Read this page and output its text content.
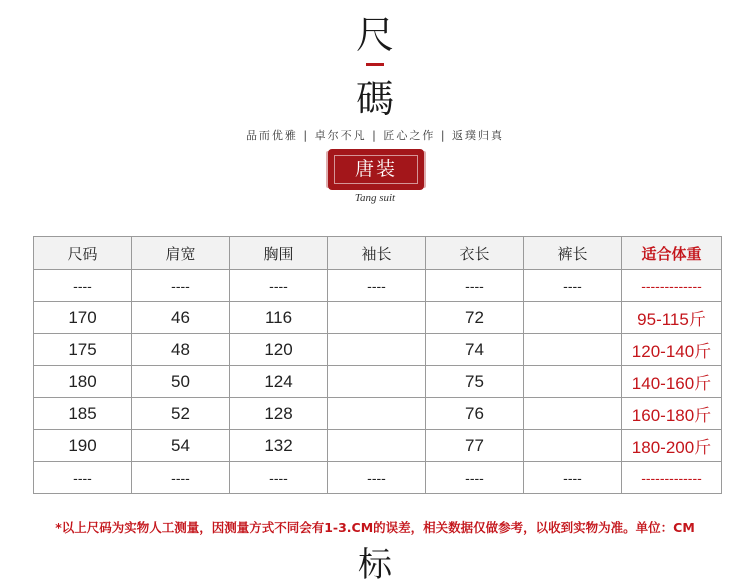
尺
碼
品而优雅 | 卓尔不凡 | 匠心之作 | 返璞归真
唐装
Tang suit
尺码	肩宽	胸围	袖长	衣长	裤长	适合体重
----	----	----	----	----	----	-------------
170	46	116		72		95-115斤
175	48	120		74		120-140斤
180	50	124		75		140-160斤
185	52	128		76		160-180斤
190	54	132		77		180-200斤
----	----	----	----	----	----	-------------
*以上尺码为实物人工测量，因测量方式不同会有1-3.CM的误差，相关数据仅做参考，以收到实物为准。单位：CM
标
